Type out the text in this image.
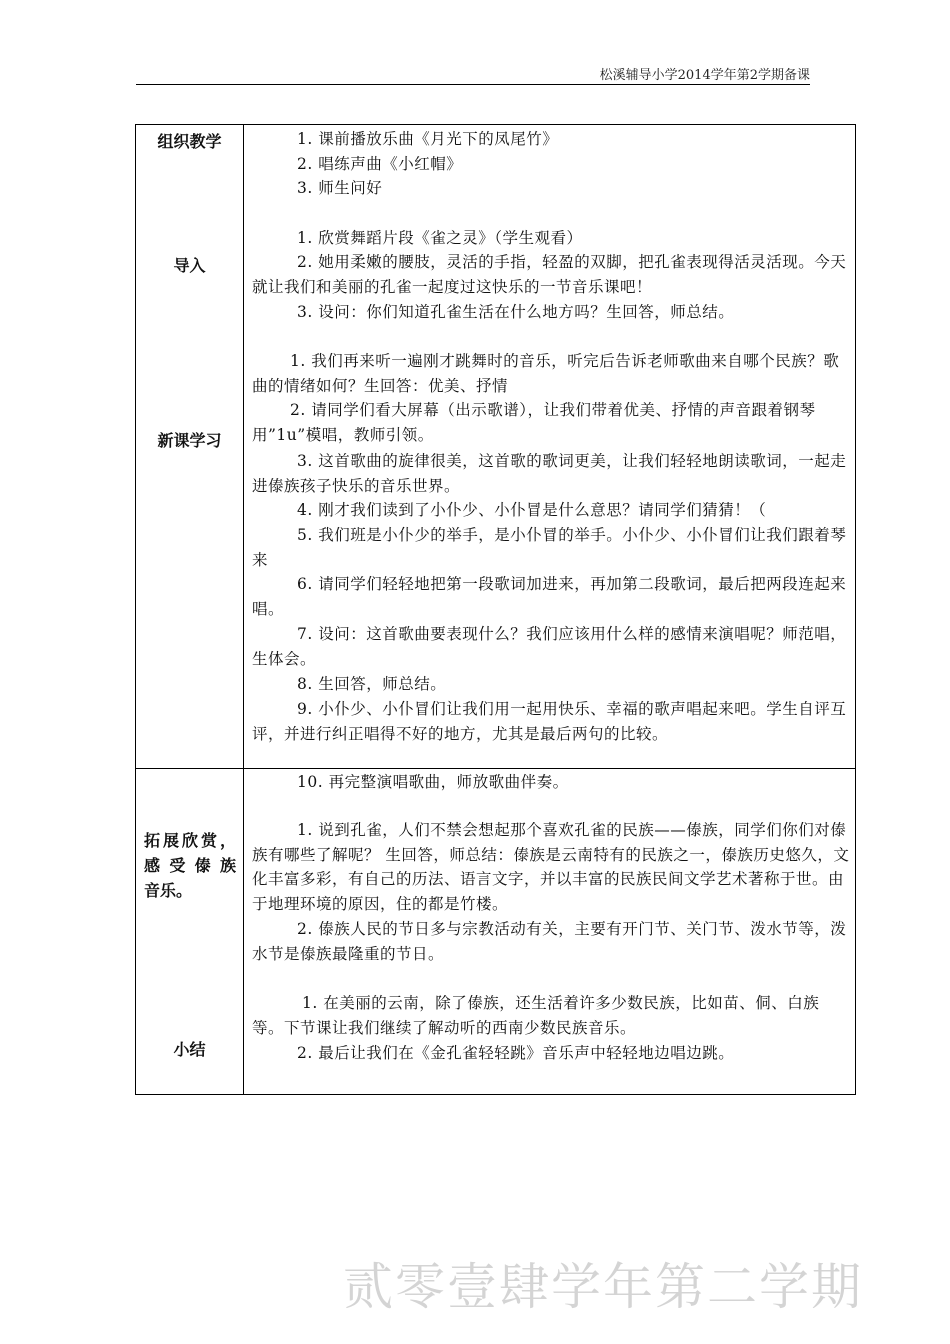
松溪辅导小学2014学年第2学期备课
组织教学
导入
新课学习
1. 课前播放乐曲《月光下的凤尾竹》
2. 唱练声曲《小红帽》
3. 师生问好
1. 欣赏舞蹈片段《雀之灵》（学生观看）
2. 她用柔嫩的腰肢，灵活的手指，轻盈的双脚，把孔雀表现得活灵活现。今天就让我们和美丽的孔雀一起度过这快乐的一节音乐课吧！
3. 设问：你们知道孔雀生活在什么地方吗？生回答，师总结。
1. 我们再来听一遍刚才跳舞时的音乐，听完后告诉老师歌曲来自哪个民族？歌曲的情绪如何？生回答：优美、抒情
2. 请同学们看大屏幕（出示歌谱），让我们带着优美、抒情的声音跟着钢琴用”1u”模唱，教师引领。
3. 这首歌曲的旋律很美，这首歌的歌词更美，让我们轻轻地朗读歌词，一起走进傣族孩子快乐的音乐世界。
4. 刚才我们读到了小仆少、小仆冒是什么意思？请同学们猜猜！（
5. 我们班是小仆少的举手，是小仆冒的举手。小仆少、小仆冒们让我们跟着琴来
6. 请同学们轻轻地把第一段歌词加进来，再加第二段歌词，最后把两段连起来唱。
7. 设问：这首歌曲要表现什么？我们应该用什么样的感情来演唱呢？师范唱，生体会。
8. 生回答，师总结。
9. 小仆少、小仆冒们让我们用一起用快乐、幸福的歌声唱起来吧。学生自评互评，并进行纠正唱得不好的地方，尤其是最后两句的比较。
拓展欣赏，
感受傣族
音乐。
小结
10. 再完整演唱歌曲，师放歌曲伴奏。
1. 说到孔雀，人们不禁会想起那个喜欢孔雀的民族——傣族，同学们你们对傣族有哪些了解呢？ 生回答，师总结：傣族是云南特有的民族之一，傣族历史悠久，文化丰富多彩，有自己的历法、语言文字，并以丰富的民族民间文学艺术著称于世。由于地理环境的原因，住的都是竹楼。
2. 傣族人民的节日多与宗教活动有关，主要有开门节、关门节、泼水节等，泼水节是傣族最隆重的节日。
1. 在美丽的云南，除了傣族，还生活着许多少数民族，比如苗、侗、白族等。下节课让我们继续了解动听的西南少数民族音乐。
2. 最后让我们在《金孔雀轻轻跳》音乐声中轻轻地边唱边跳。
贰零壹肆学年第二学期
